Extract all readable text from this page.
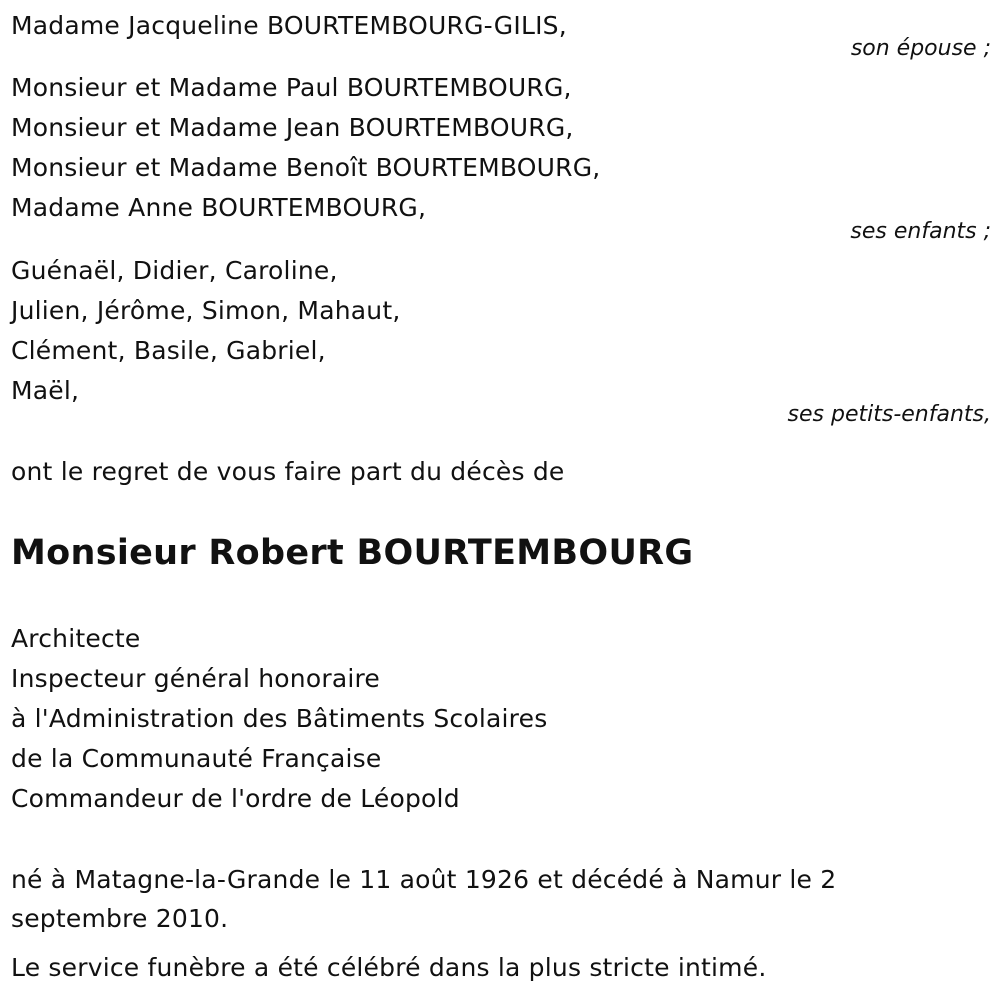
Madame Jacqueline BOURTEMBOURG-GILIS,
son épouse ;
Monsieur et Madame Paul BOURTEMBOURG,
Monsieur et Madame Jean BOURTEMBOURG,
Monsieur et Madame Benoît BOURTEMBOURG,
Madame Anne BOURTEMBOURG,
ses enfants ;
Guénaël, Didier, Caroline,
Julien, Jérôme, Simon, Mahaut,
Clément, Basile, Gabriel,
Maël,
ses petits-enfants,
ont le regret de vous faire part du décès de
Monsieur Robert BOURTEMBOURG
Architecte
Inspecteur général honoraire
à l'Administration des Bâtiments Scolaires
de la Communauté Française
Commandeur de l'ordre de Léopold
né à Matagne-la-Grande le 11 août 1926 et décédé à Namur le 2
septembre 2010.
Le service funèbre a été célébré dans la plus stricte intimé.
